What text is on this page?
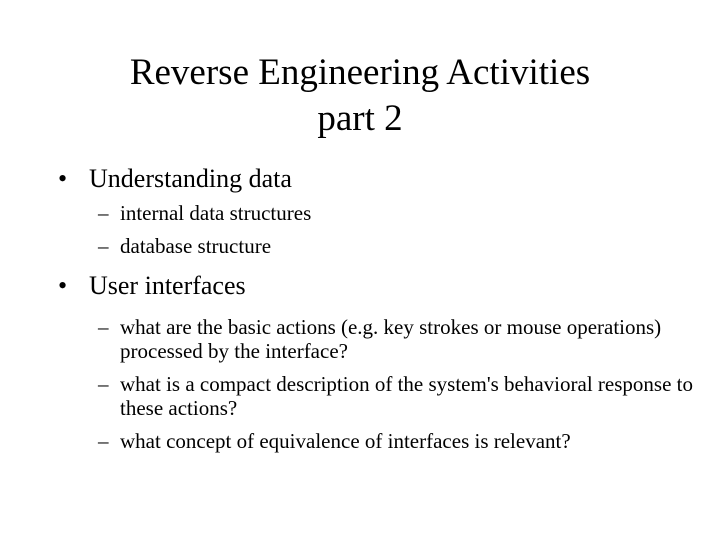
Reverse Engineering Activities
part 2
• Understanding data
– internal data structures
– database structure
• User interfaces
– what are the basic actions (e.g. key strokes or mouse operations) processed by the interface?
– what is a compact description of the system's behavioral response to these actions?
– what concept of equivalence of interfaces is relevant?
